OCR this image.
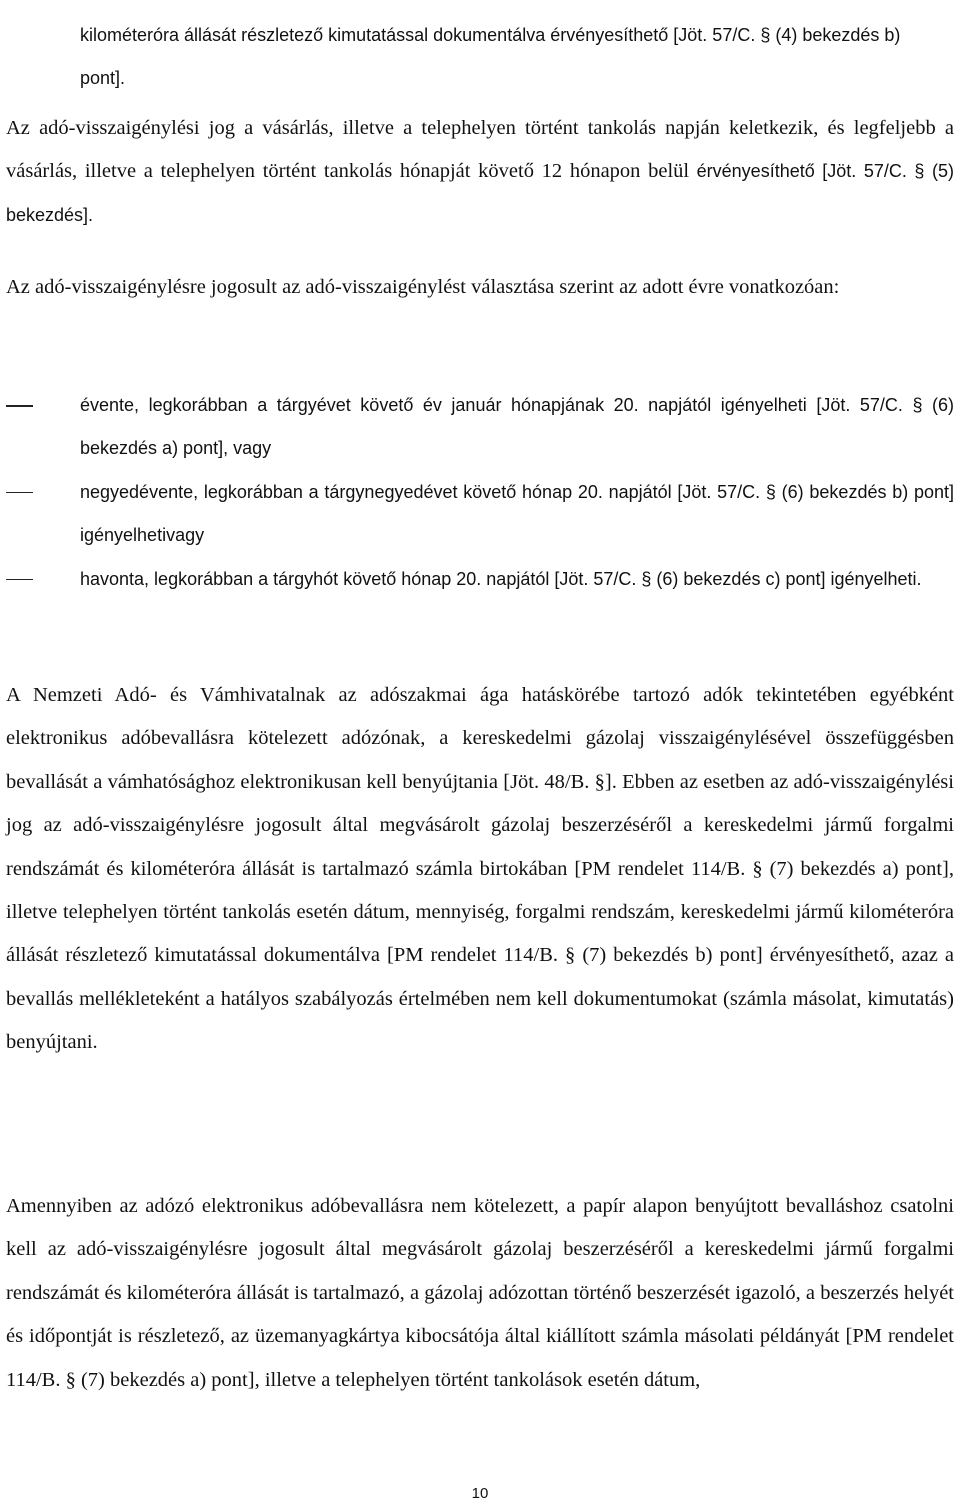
kilométeróra állását részletező kimutatással dokumentálva érvényesíthető [Jöt. 57/C. § (4) bekezdés b) pont].

Az adó-visszaigénylési jog a vásárlás, illetve a telephelyen történt tankolás napján keletkezik, és legfeljebb a vásárlás, illetve a telephelyen történt tankolás hónapját követő 12 hónapon belül érvényesíthető [Jöt. 57/C. § (5) bekezdés].

Az adó-visszaigénylésre jogosult az adó-visszaigénylést választása szerint az adott évre vonatkozóan:

évente, legkorábban a tárgyévet követő év január hónapjának 20. napjától igényelheti [Jöt. 57/C. § (6) bekezdés a) pont], vagy
negyedévente, legkorábban a tárgynegyedévet követő hónap 20. napjától [Jöt. 57/C. § (6) bekezdés b) pont] igényelhetivagy
havonta, legkorábban a tárgyhót követő hónap 20. napjától [Jöt. 57/C. § (6) bekezdés c) pont] igényelheti.

A Nemzeti Adó- és Vámhivatalnak az adószakmai ága hatáskörébe tartozó adók tekintetében egyébként elektronikus adóbevallásra kötelezett adózónak, a kereskedelmi gázolaj visszaigénylésével összefüggésben bevallását a vámhatósághoz elektronikusan kell benyújtania [Jöt. 48/B. §]. Ebben az esetben az adó-visszaigénylési jog az adó-visszaigénylésre jogosult által megvásárolt gázolaj beszerzéséről a kereskedelmi jármű forgalmi rendszámát és kilométeróra állását is tartalmazó számla birtokában [PM rendelet 114/B. § (7) bekezdés a) pont], illetve telephelyen történt tankolás esetén dátum, mennyiség, forgalmi rendszám, kereskedelmi jármű kilométeróra állását részletező kimutatással dokumentálva [PM rendelet 114/B. § (7) bekezdés b) pont] érvényesíthető, azaz a bevallás mellékleteként a hatályos szabályozás értelmében nem kell dokumentumokat (számla másolat, kimutatás) benyújtani.

Amennyiben az adózó elektronikus adóbevallásra nem kötelezett, a papír alapon benyújtott bevalláshoz csatolni kell az adó-visszaigénylésre jogosult által megvásárolt gázolaj beszerzéséről a kereskedelmi jármű forgalmi rendszámát és kilométeróra állását is tartalmazó, a gázolaj adózottan történő beszerzését igazoló, a beszerzés helyét és időpontját is részletező, az üzemanyagkártya kibocsátója által kiállított számla másolati példányát [PM rendelet 114/B. § (7) bekezdés a) pont], illetve a telephelyen történt tankolások esetén dátum,

10
